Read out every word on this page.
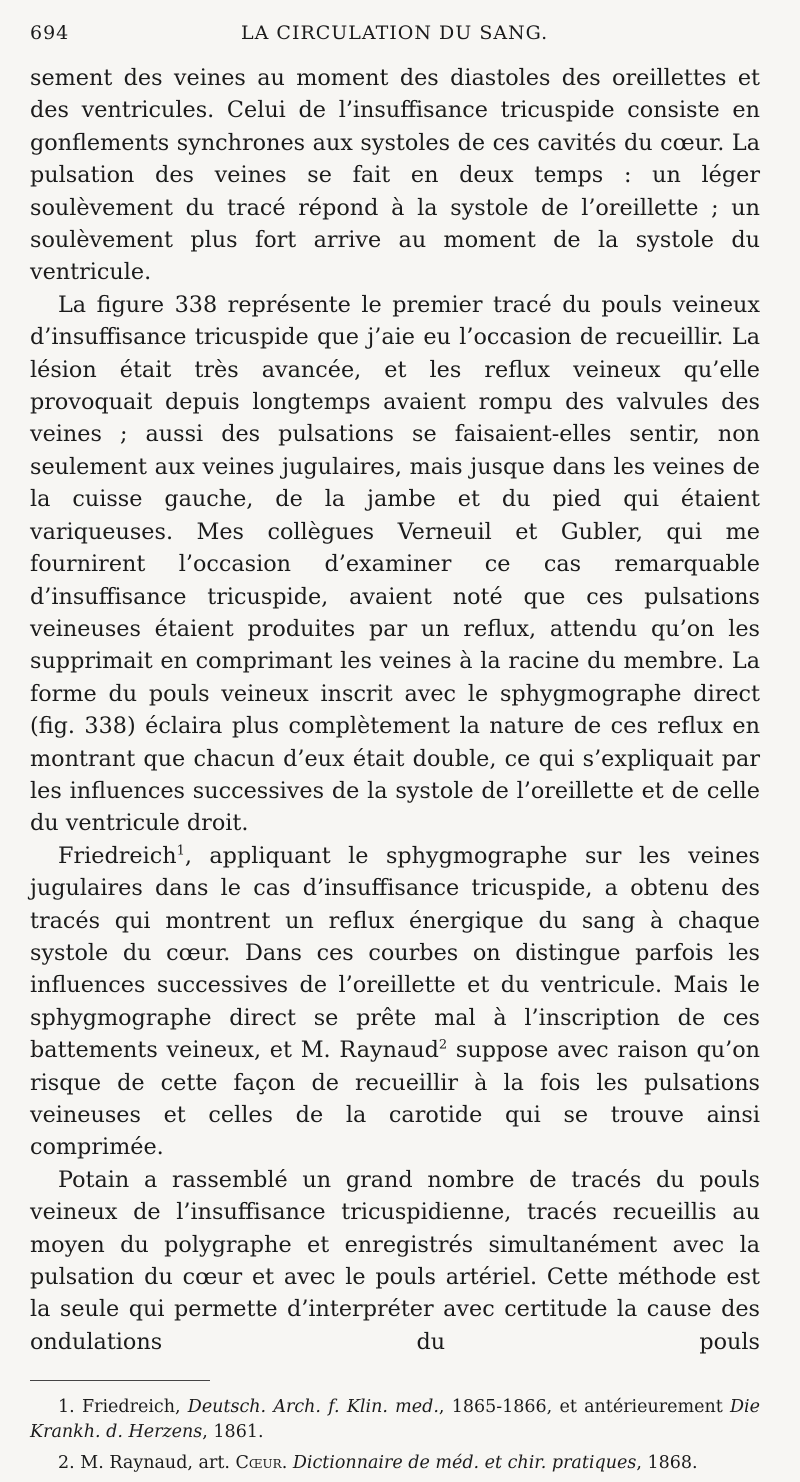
694	LA CIRCULATION DU SANG.

sement des veines au moment des diastoles des oreillettes et des ventricules. Celui de l’insuffisance tricuspide consiste en gonflements synchrones aux systoles de ces cavités du cœur. La pulsation des veines se fait en deux temps : un léger soulèvement du tracé répond à la systole de l’oreillette ; un soulèvement plus fort arrive au moment de la systole du ventricule.

La figure 338 représente le premier tracé du pouls veineux d’insuffisance tricuspide que j’aie eu l’occasion de recueillir. La lésion était très avancée, et les reflux veineux qu’elle provoquait depuis longtemps avaient rompu des valvules des veines ; aussi des pulsations se faisaient-elles sentir, non seulement aux veines jugulaires, mais jusque dans les veines de la cuisse gauche, de la jambe et du pied qui étaient variqueuses. Mes collègues Verneuil et Gubler, qui me fournirent l’occasion d’examiner ce cas remarquable d’insuffisance tricuspide, avaient noté que ces pulsations veineuses étaient produites par un reflux, attendu qu’on les supprimait en comprimant les veines à la racine du membre. La forme du pouls veineux inscrit avec le sphygmographe direct (fig. 338) éclaira plus complètement la nature de ces reflux en montrant que chacun d’eux était double, ce qui s’expliquait par les influences successives de la systole de l’oreillette et de celle du ventricule droit.

Friedreich$^1$, appliquant le sphygmographe sur les veines jugulaires dans le cas d’insuffisance tricuspide, a obtenu des tracés qui montrent un reflux énergique du sang à chaque systole du cœur. Dans ces courbes on distingue parfois les influences successives de l’oreillette et du ventricule. Mais le sphygmographe direct se prête mal à l’inscription de ces battements veineux, et M. Raynaud$^2$ suppose avec raison qu’on risque de cette façon de recueillir à la fois les pulsations veineuses et celles de la carotide qui se trouve ainsi comprimée.

Potain a rassemblé un grand nombre de tracés du pouls veineux de l’insuffisance tricuspidienne, tracés recueillis au moyen du polygraphe et enregistrés simultanément avec la pulsation du cœur et avec le pouls artériel. Cette méthode est la seule qui permette d’interpréter avec certitude la cause des ondulations du pouls

1. Friedreich, Deutsch. Arch. f. Klin. med., 1865-1866, et antérieurement Die Krankh. d. Herzens, 1861.

2. M. Raynaud, art. Cœur. Dictionnaire de méd. et chir. pratiques, 1868.
